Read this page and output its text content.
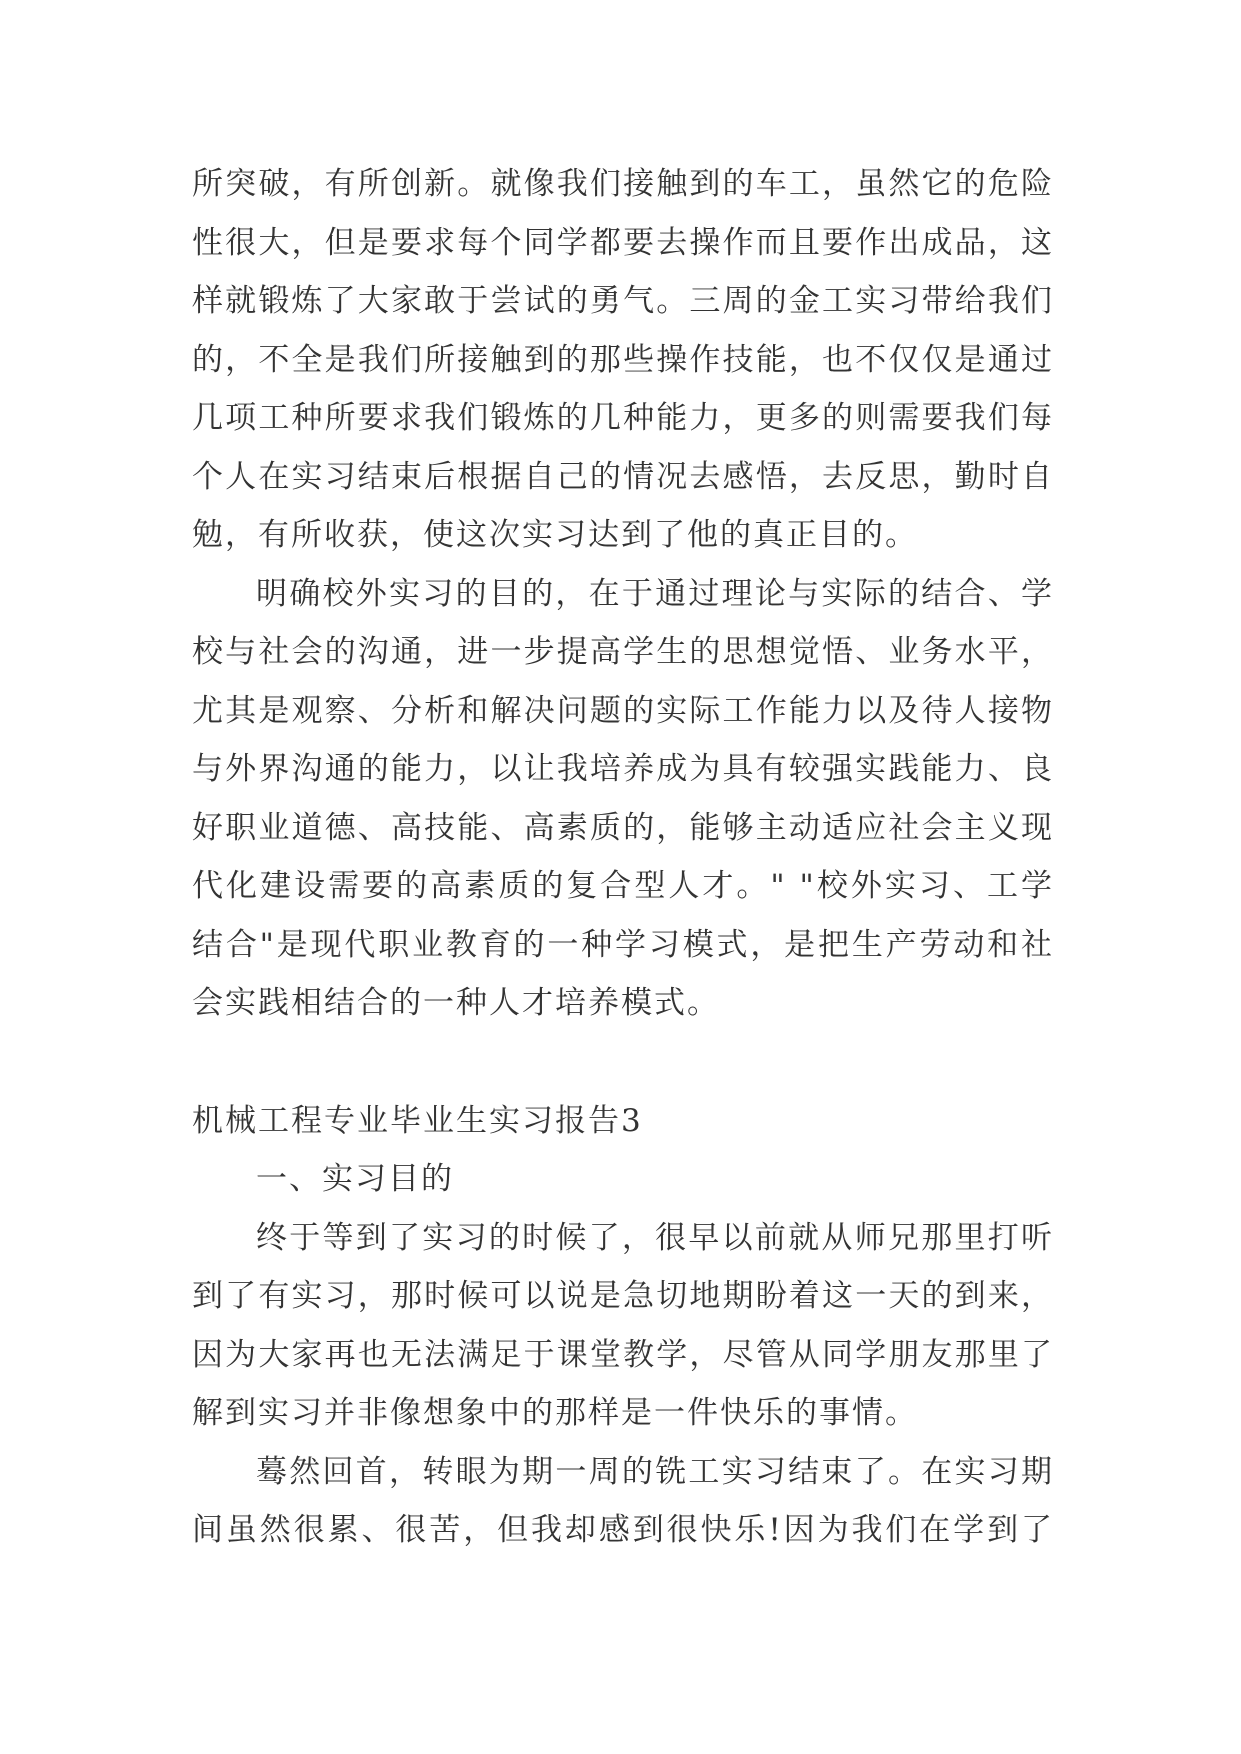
所突破，有所创新。就像我们接触到的车工，虽然它的危险
性很大，但是要求每个同学都要去操作而且要作出成品，这
样就锻炼了大家敢于尝试的勇气。三周的金工实习带给我们
的，不全是我们所接触到的那些操作技能，也不仅仅是通过
几项工种所要求我们锻炼的几种能力，更多的则需要我们每
个人在实习结束后根据自己的情况去感悟，去反思，勤时自
勉，有所收获，使这次实习达到了他的真正目的。
明确校外实习的目的，在于通过理论与实际的结合、学
校与社会的沟通，进一步提高学生的思想觉悟、业务水平，
尤其是观察、分析和解决问题的实际工作能力以及待人接物
与外界沟通的能力，以让我培养成为具有较强实践能力、良
好职业道德、高技能、高素质的，能够主动适应社会主义现
代化建设需要的高素质的复合型人才。" "校外实习、工学
结合"是现代职业教育的一种学习模式，是把生产劳动和社
会实践相结合的一种人才培养模式。
机械工程专业毕业生实习报告3
一、实习目的
终于等到了实习的时候了，很早以前就从师兄那里打听
到了有实习，那时候可以说是急切地期盼着这一天的到来，
因为大家再也无法满足于课堂教学，尽管从同学朋友那里了
解到实习并非像想象中的那样是一件快乐的事情。
蓦然回首，转眼为期一周的铣工实习结束了。在实习期
间虽然很累、很苦，但我却感到很快乐!因为我们在学到了
